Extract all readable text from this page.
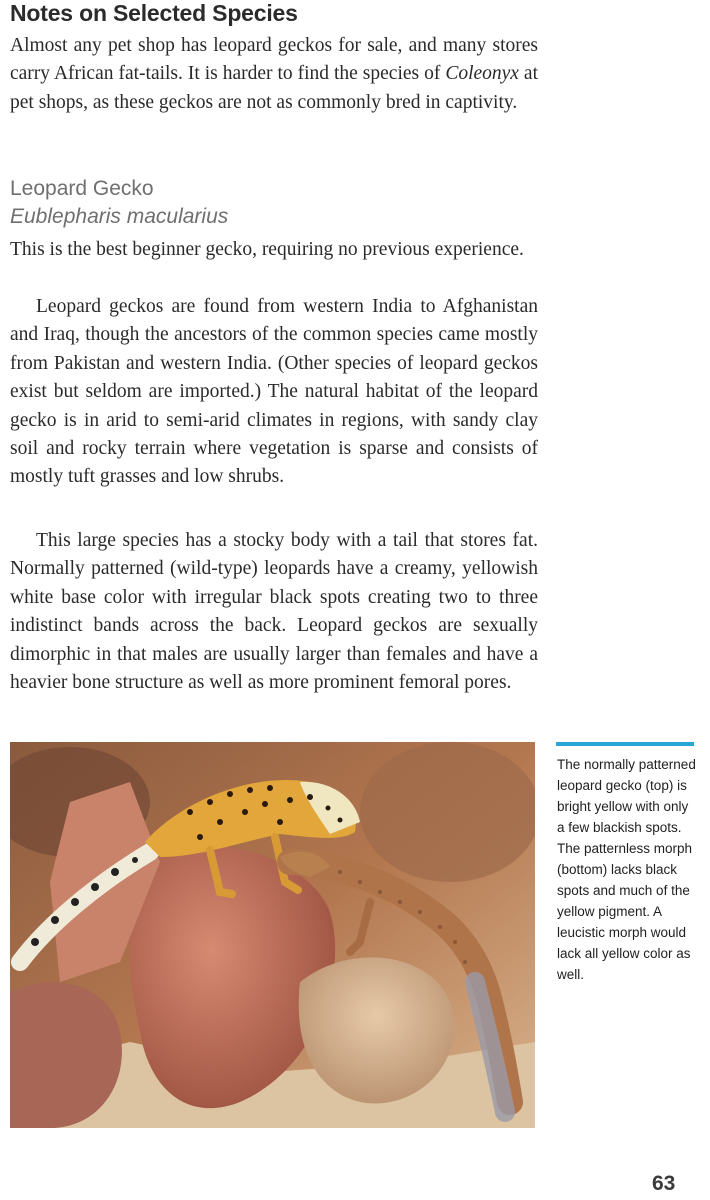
Notes on Selected Species

Almost any pet shop has leopard geckos for sale, and many stores carry African fat-tails. It is harder to find the species of Coleonyx at pet shops, as these geckos are not as commonly bred in captivity.

Leopard Gecko
Eublepharis macularius

This is the best beginner gecko, requiring no previous experience.

Leopard geckos are found from western India to Afghanistan and Iraq, though the ancestors of the common species came mostly from Pakistan and western India. (Other species of leopard geckos exist but seldom are imported.) The natural habitat of the leopard gecko is in arid to semi-arid climates in regions, with sandy clay soil and rocky terrain where vegetation is sparse and consists of mostly tuft grasses and low shrubs.

This large species has a stocky body with a tail that stores fat. Normally patterned (wild-type) leopards have a creamy, yellowish white base color with irregular black spots creating two to three indistinct bands across the back. Leopard geckos are sexually dimorphic in that males are usually larger than females and have a heavier bone structure as well as more prominent femoral pores.

The normally patterned leopard gecko (top) is bright yellow with only a few blackish spots. The patternless morph (bottom) lacks black spots and much of the yellow pigment. A leucistic morph would lack all yellow color as well.
63
